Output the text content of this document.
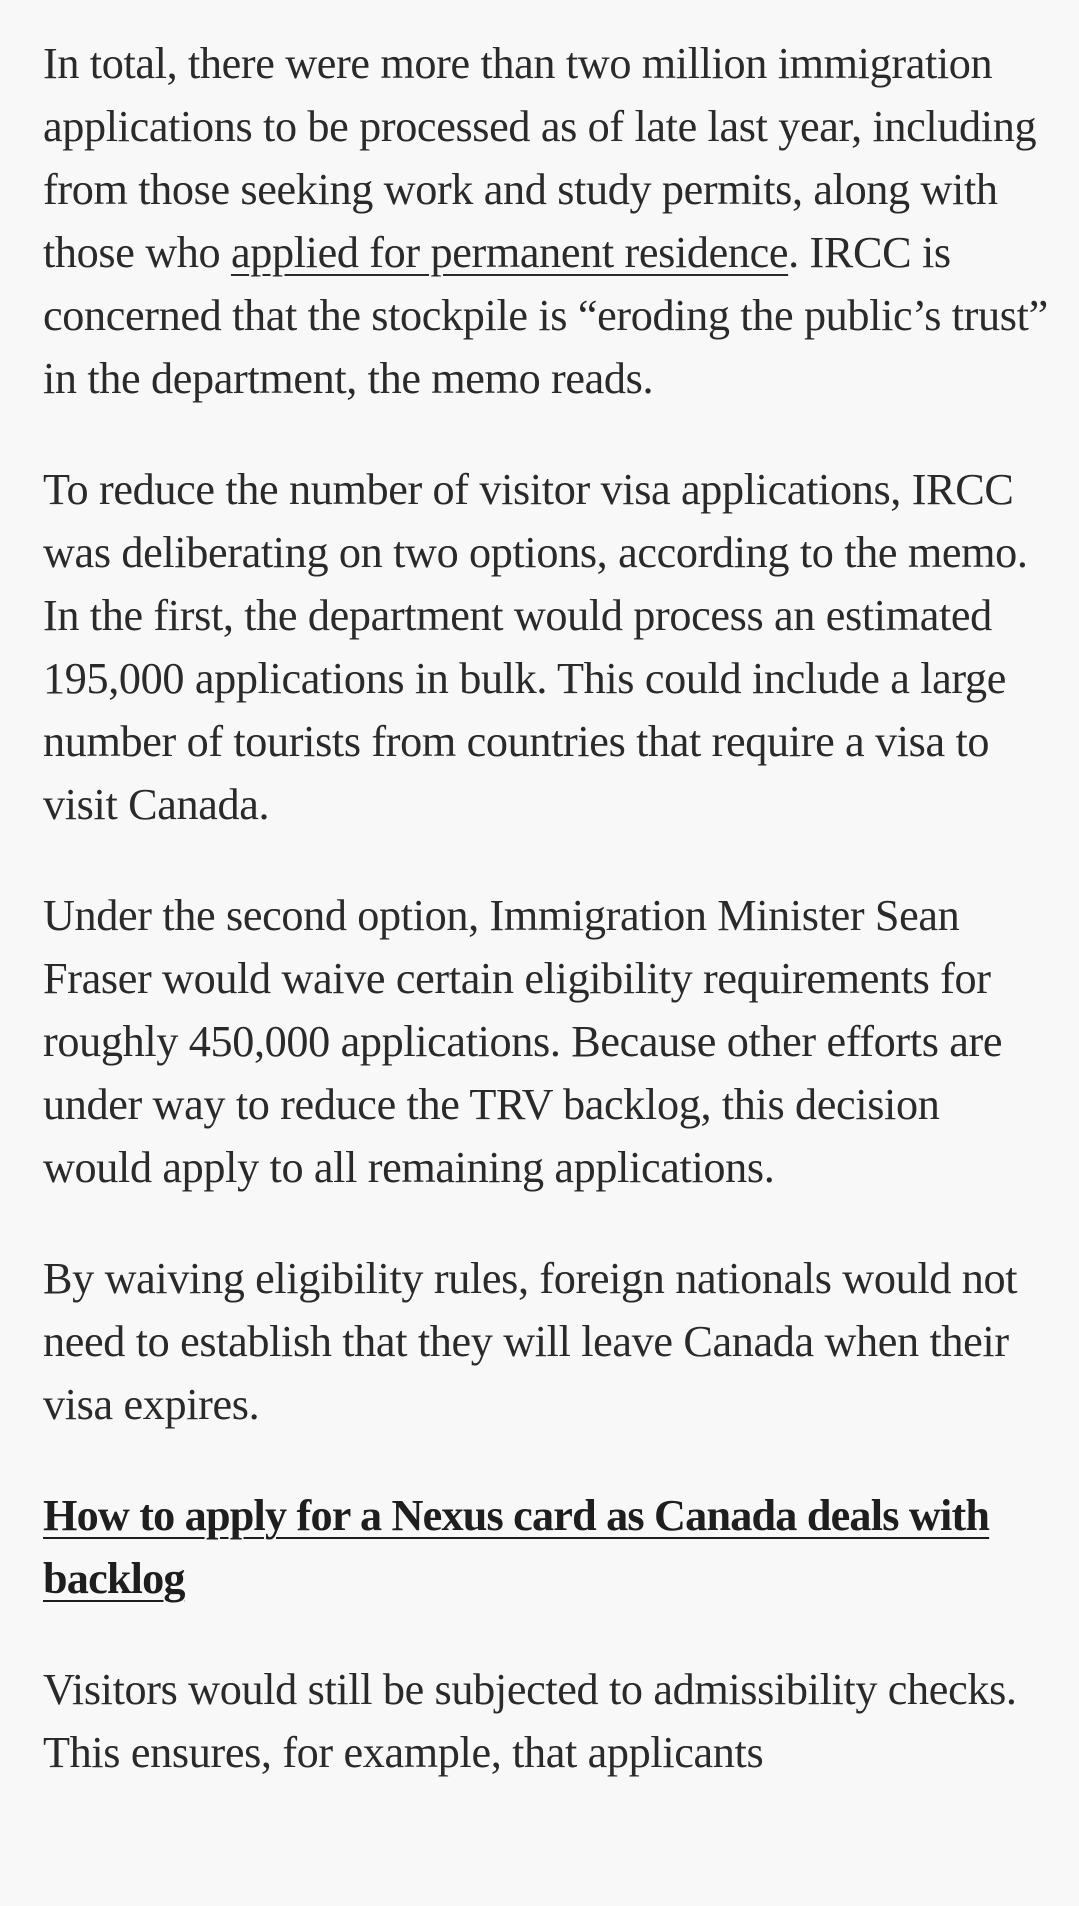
In total, there were more than two million immigration applications to be processed as of late last year, including from those seeking work and study permits, along with those who applied for permanent residence. IRCC is concerned that the stockpile is “eroding the public’s trust” in the department, the memo reads.

To reduce the number of visitor visa applications, IRCC was deliberating on two options, according to the memo. In the first, the department would process an estimated 195,000 applications in bulk. This could include a large number of tourists from countries that require a visa to visit Canada.

Under the second option, Immigration Minister Sean Fraser would waive certain eligibility requirements for roughly 450,000 applications. Because other efforts are under way to reduce the TRV backlog, this decision would apply to all remaining applications.

By waiving eligibility rules, foreign nationals would not need to establish that they will leave Canada when their visa expires.

How to apply for a Nexus card as Canada deals with backlog

Visitors would still be subjected to admissibility checks. This ensures, for example, that applicants
